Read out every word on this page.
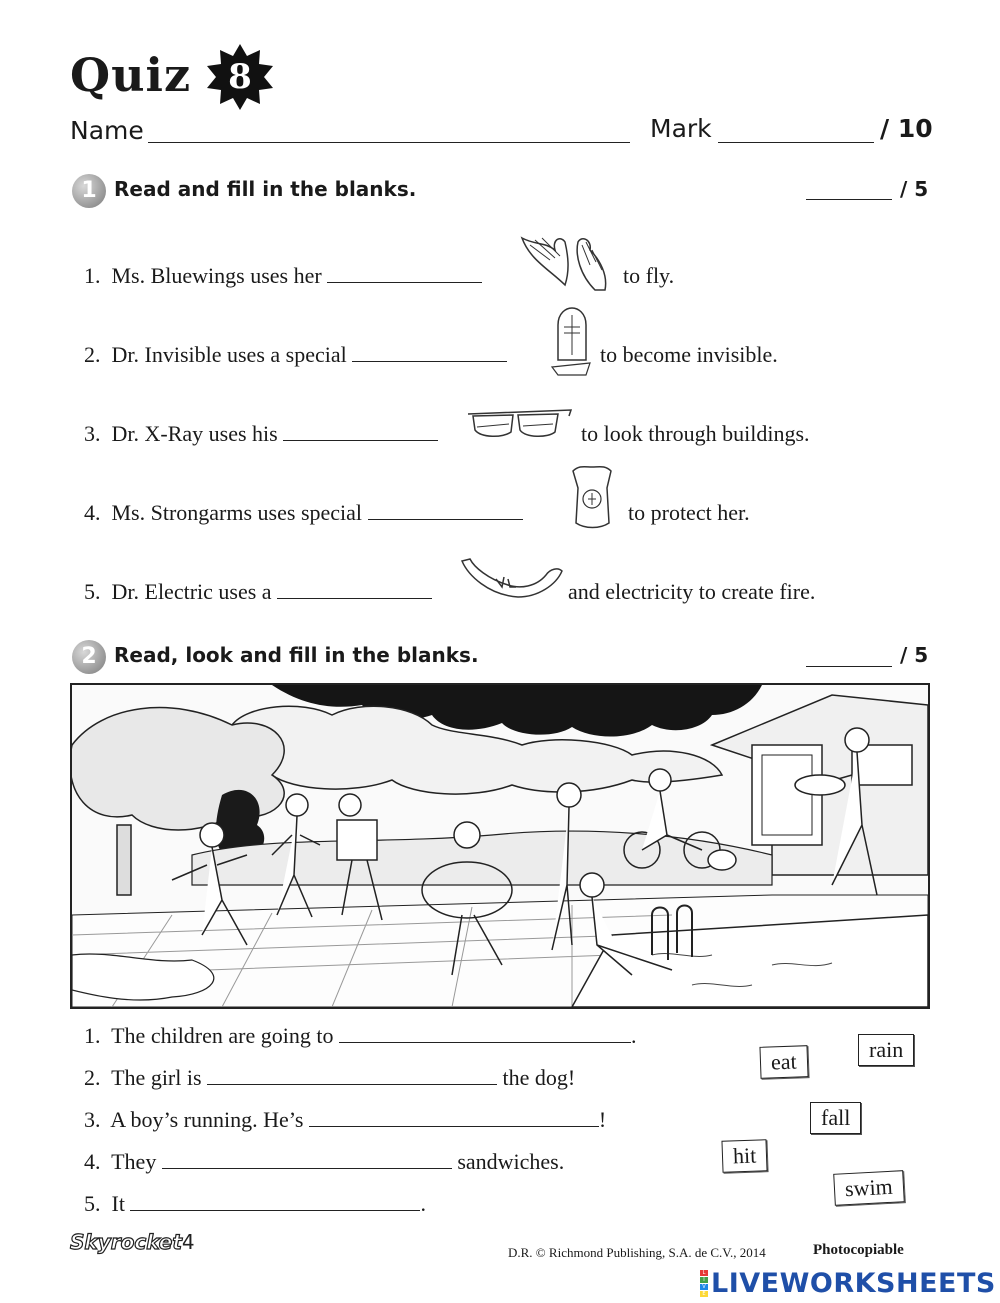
Quiz 8
Name	Mark	/ 10
1 Read and fill in the blanks.	/ 5
1. Ms. Bluewings uses her	to fly.
2. Dr. Invisible uses a special	to become invisible.
3. Dr. X-Ray uses his	to look through buildings.
4. Ms. Strongarms uses special	to protect her.
5. Dr. Electric uses a	and electricity to create fire.
2 Read, look and fill in the blanks.	/ 5
1. The children are going to	.
2. The girl is	the dog!
3. A boy’s running. He’s	!
4. They	sandwiches.
5. It	.
eat	rain
fall
hit
swim
Skyrocket4	D.R. © Richmond Publishing, S.A. de C.V., 2014	Photocopiable
L
I
V
E LIVEWORKSHEETS
